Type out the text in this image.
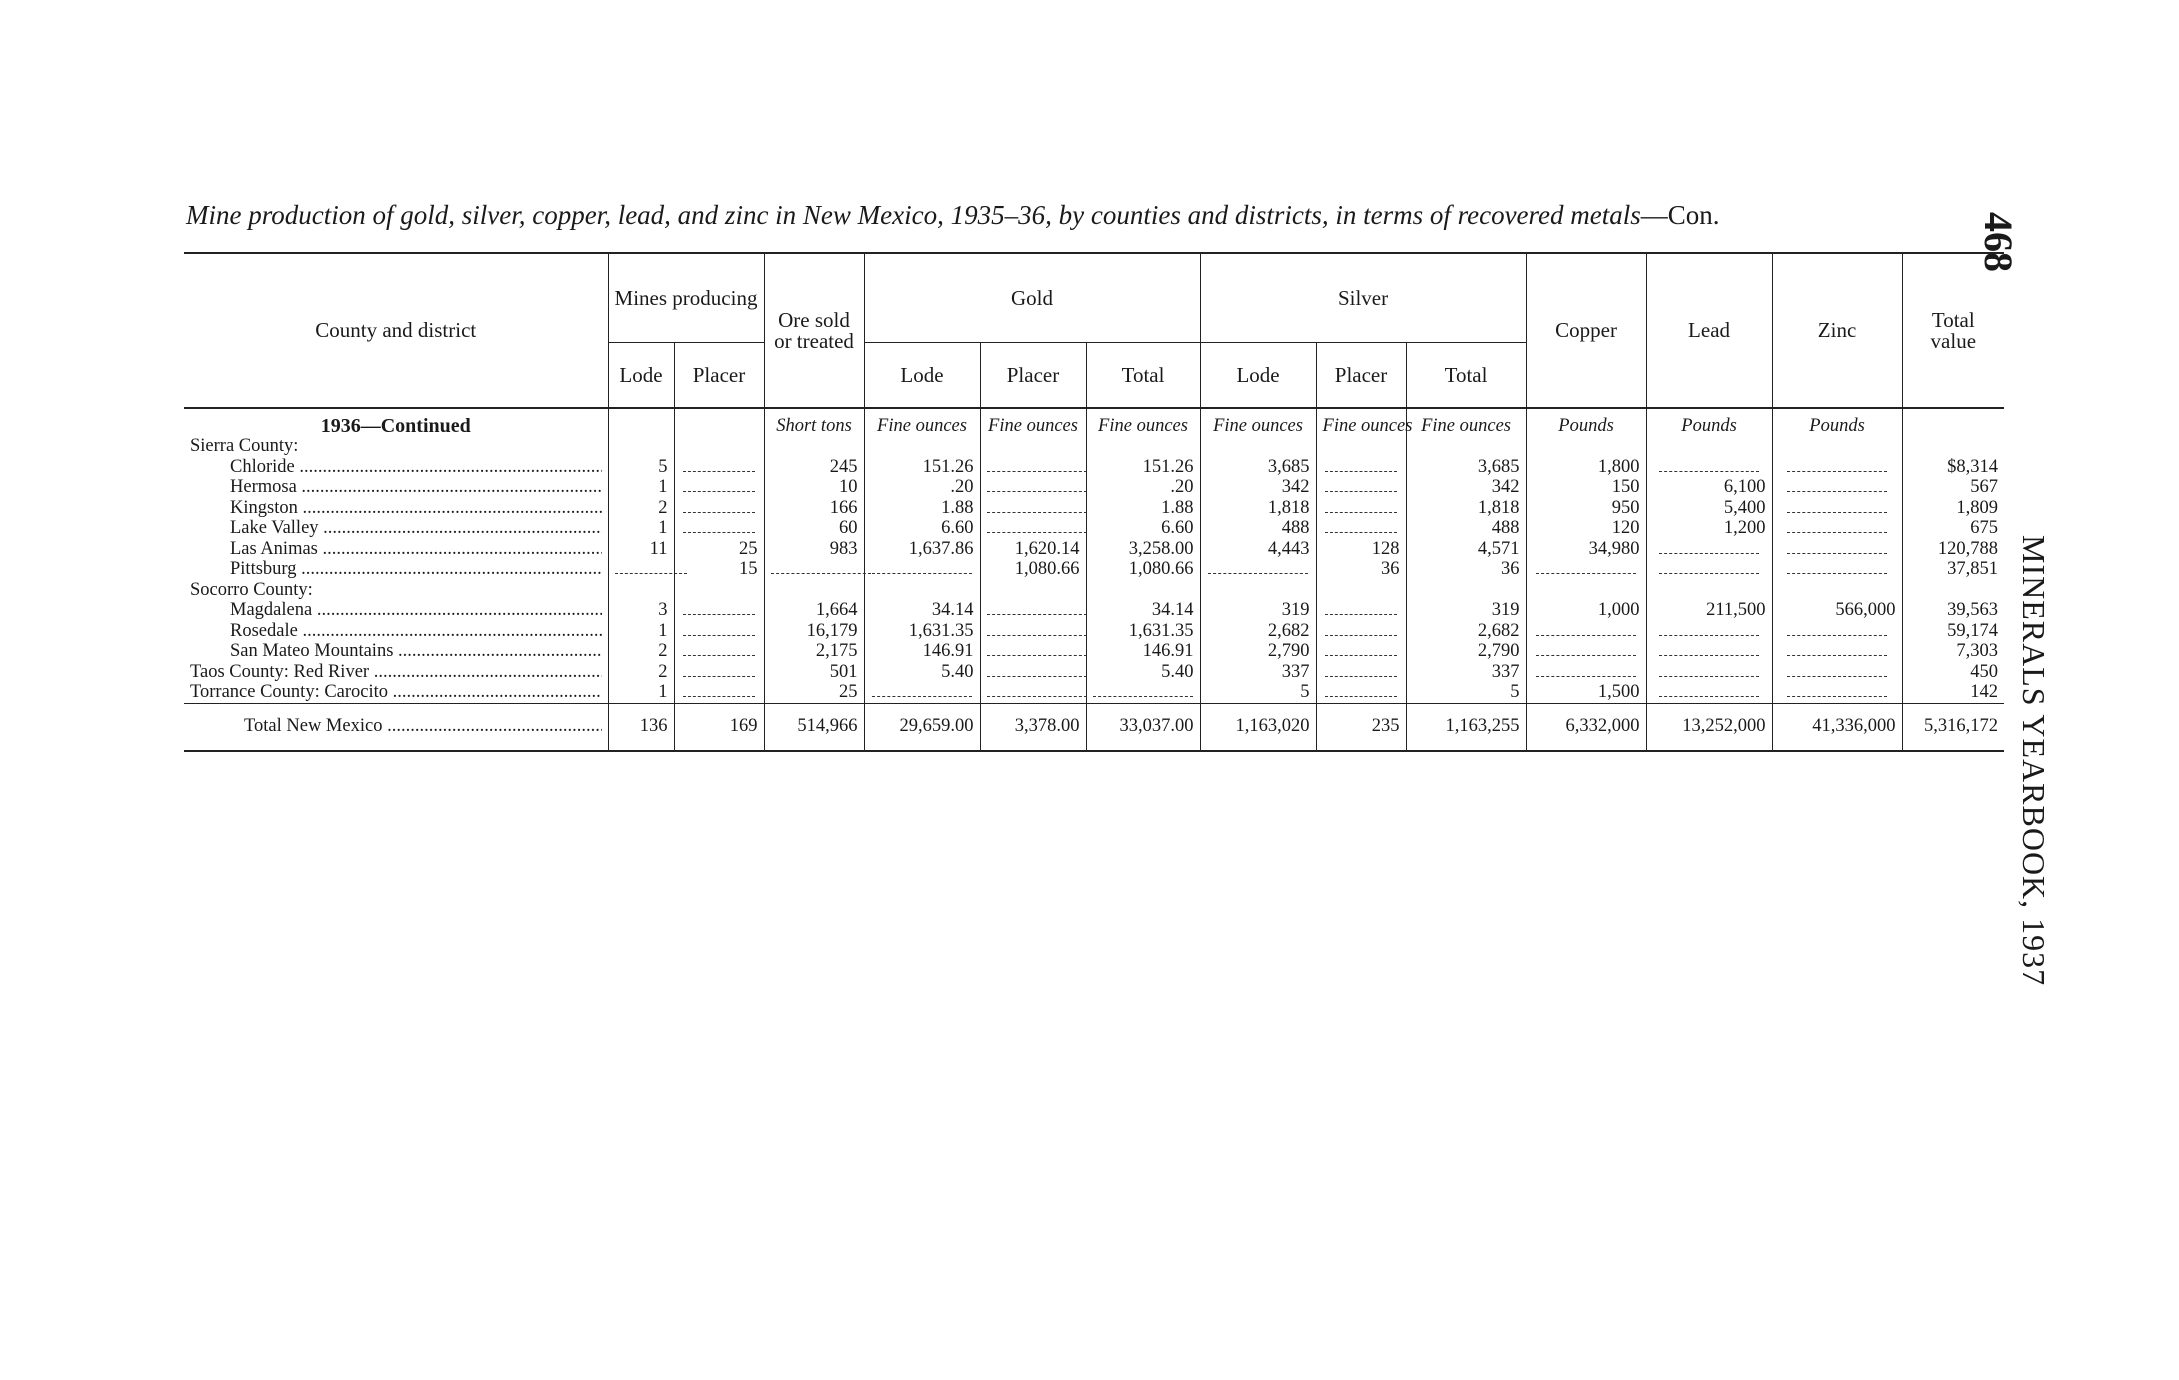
Mine production of gold, silver, copper, lead, and zinc in New Mexico, 1935–36, by counties and districts, in terms of recovered metals—Con.	468
MINERALS YEARBOOK, 1937
County and district	Mines producing		Ore sold or treated	Gold			Silver			Copper	Lead	Zinc	Total value
	Lode	Placer		Lode	Placer	Total	Lode	Placer	Total				

1936—Continued			Short tons	Fine ounces	Fine ounces	Fine ounces	Fine ounces	Fine ounces	Fine ounces	Pounds	Pounds	Pounds	

Sierra County:													

Chloride .....	5		245	151.26		151.26	3,685		3,685	1,800			$8,314

Hermosa .....	1		10	.20		.20	342		342	150	6,100		567

Kingston .....	2		166	1.88		1.88	1,818		1,818	950	5,400		1,809

Lake Valley .....	1		60	6.60		6.60	488		488	120	1,200		675

Las Animas .....	11	25	983	1,637.86	1,620.14	3,258.00	4,443	128	4,571	34,980			120,788

Pittsburg .....		15			1,080.66	1,080.66		36	36				37,851

Socorro County:													

Magdalena .....	3		1,664	34.14		34.14	319		319	1,000	211,500	566,000	39,563

Rosedale .....	1		16,179	1,631.35		1,631.35	2,682		2,682				59,174

San Mateo Mountains .....	2		2,175	146.91		146.91	2,790		2,790				7,303

Taos County: Red River .....	2		501	5.40		5.40	337		337				450

Torrance County: Carocito .....	1		25				5		5	1,500			142

Total New Mexico .....	136	169	514,966	29,659.00	3,378.00	33,037.00	1,163,020	235	1,163,255	6,332,000	13,252,000	41,336,000	5,316,172
